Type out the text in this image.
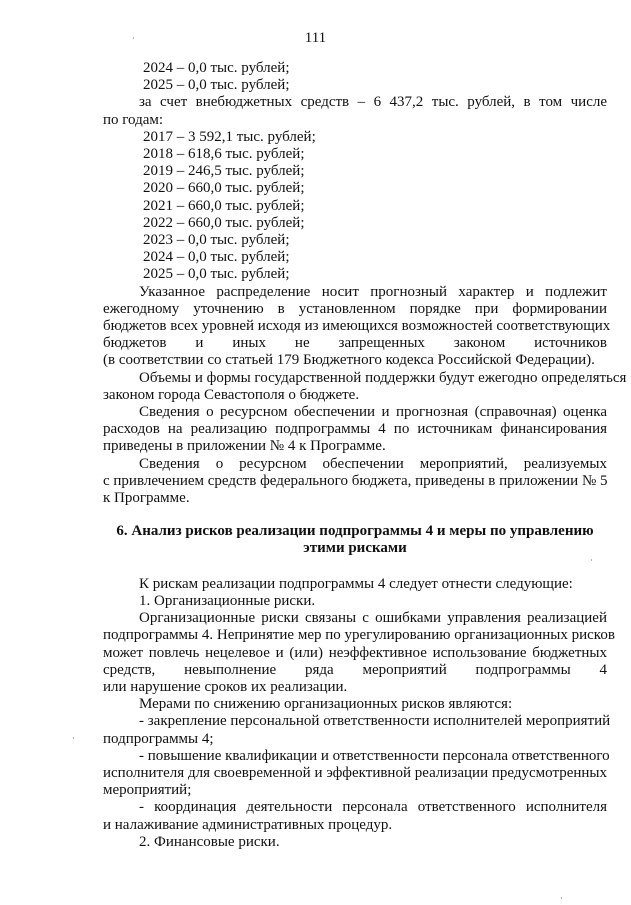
111
2024 – 0,0 тыс. рублей;
2025 – 0,0 тыс. рублей;
за счет внебюджетных средств – 6 437,2 тыс. рублей, в том числе
по годам:
2017 – 3 592,1 тыс. рублей;
2018 – 618,6 тыс. рублей;
2019 – 246,5 тыс. рублей;
2020 – 660,0 тыс. рублей;
2021 – 660,0 тыс. рублей;
2022 – 660,0 тыс. рублей;
2023 – 0,0 тыс. рублей;
2024 – 0,0 тыс. рублей;
2025 – 0,0 тыс. рублей;
Указанное распределение носит прогнозный характер и подлежит
ежегодному уточнению в установленном порядке при формировании
бюджетов всех уровней исходя из имеющихся возможностей соответствующих
бюджетов и иных не запрещенных законом источников
(в соответствии со статьей 179 Бюджетного кодекса Российской Федерации).
Объемы и формы государственной поддержки будут ежегодно определяться
законом города Севастополя о бюджете.
Сведения о ресурсном обеспечении и прогнозная (справочная) оценка
расходов на реализацию подпрограммы 4 по источникам финансирования
приведены в приложении № 4 к Программе.
Сведения о ресурсном обеспечении мероприятий, реализуемых
с привлечением средств федерального бюджета, приведены в приложении № 5
к Программе.
6. Анализ рисков реализации подпрограммы 4 и меры по управлению
этими рисками
К рискам реализации подпрограммы 4 следует отнести следующие:
1. Организационные риски.
Организационные риски связаны с ошибками управления реализацией
подпрограммы 4. Непринятие мер по урегулированию организационных рисков
может повлечь нецелевое и (или) неэффективное использование бюджетных
средств, невыполнение ряда мероприятий подпрограммы 4
или нарушение сроков их реализации.
Мерами по снижению организационных рисков являются:
- закрепление персональной ответственности исполнителей мероприятий
подпрограммы 4;
- повышение квалификации и ответственности персонала ответственного
исполнителя для своевременной и эффективной реализации предусмотренных
мероприятий;
- координация деятельности персонала ответственного исполнителя
и налаживание административных процедур.
2. Финансовые риски.
·
·
·
·
